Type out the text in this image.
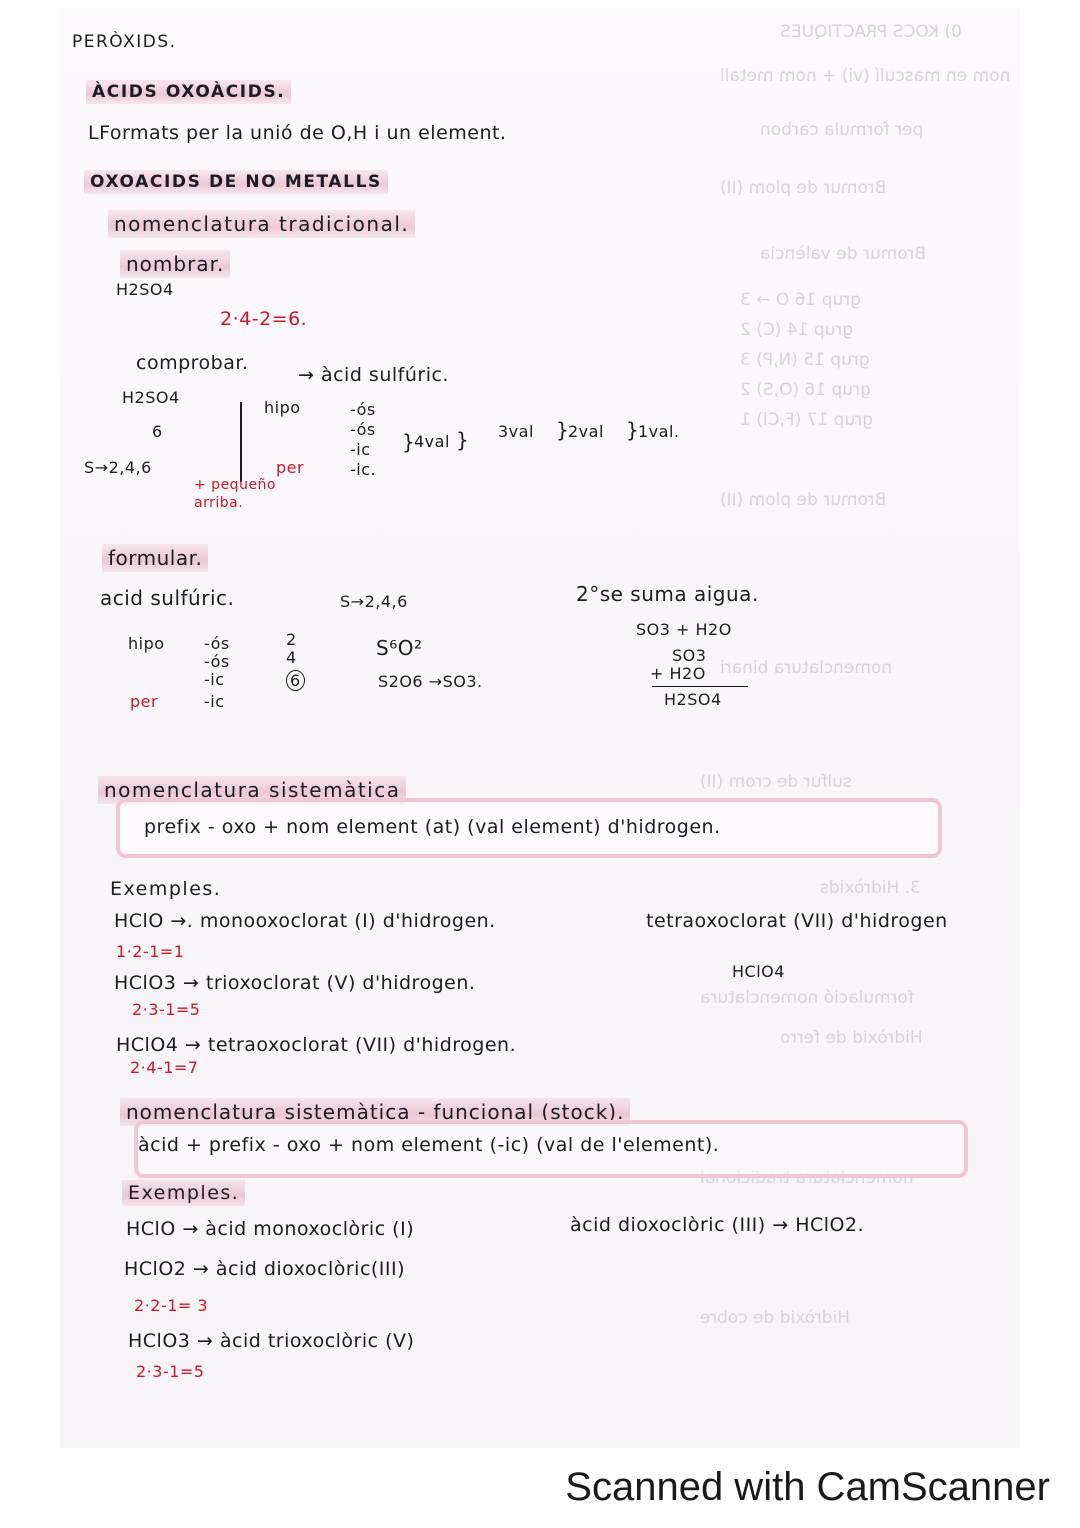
0) KOCS PRACTIQUES
nom en masculí (vi) + nom metall
per formula carbon
Bromur de plom (II)
Bromur de valència
grup 16 O → 3
grup 14 (C) 2
grup 15 (N,P) 3
grup 16 (O,S) 2
grup 17 (F,Cl) 1
Bromur de plom (II)
nomenclatura binari
sulfur de crom (II)
3. Hidròxids
formulació nomenclatura
Hidròxid de ferro
nomenclatura tradicional
Hidròxid de cobre
PERÒXIDS.
ÀCIDS OXOÀCIDS.
LFormats per la unió de O,H i un element.
OXOACIDS DE NO METALLS
nomenclatura tradicional.
nombrar.
H2SO4
2·4-2=6.
comprobar.
→ àcid sulfúric.
H2SO4
6
S→2,4,6
hipo
per
+ pequeño arriba.
-ós
-ós
-ic
-ic.
}
4val } 3val }
2val }
1val.
formular.
acid sulfúric.	S→2,4,6
hipo
per
-ós
-ós
-ic
-ic
2
4
6
S⁶O²
S2O6 →SO3.
2°se suma aigua.
SO3 + H2O
SO3
+ H2O
H2SO4
nomenclatura sistemàtica
prefix - oxo + nom element (at) (val element) d'hidrogen.
Exemples.
HClO →. monooxoclorat (I) d'hidrogen.
1·2-1=1
tetraoxoclorat (VII) d'hidrogen
HClO4
HClO3 → trioxoclorat (V) d'hidrogen.
2·3-1=5
HClO4 → tetraoxoclorat (VII) d'hidrogen.
2·4-1=7
nomenclatura sistemàtica - funcional (stock).
àcid + prefix - oxo + nom element (-ic) (val de l'element).
Exemples.
HClO → àcid monoxoclòric (I)	àcid dioxoclòric (III) → HClO2.
HClO2 → àcid dioxoclòric(III)
2·2-1= 3
HClO3 → àcid trioxoclòric (V)
2·3-1=5
Scanned with CamScanner
